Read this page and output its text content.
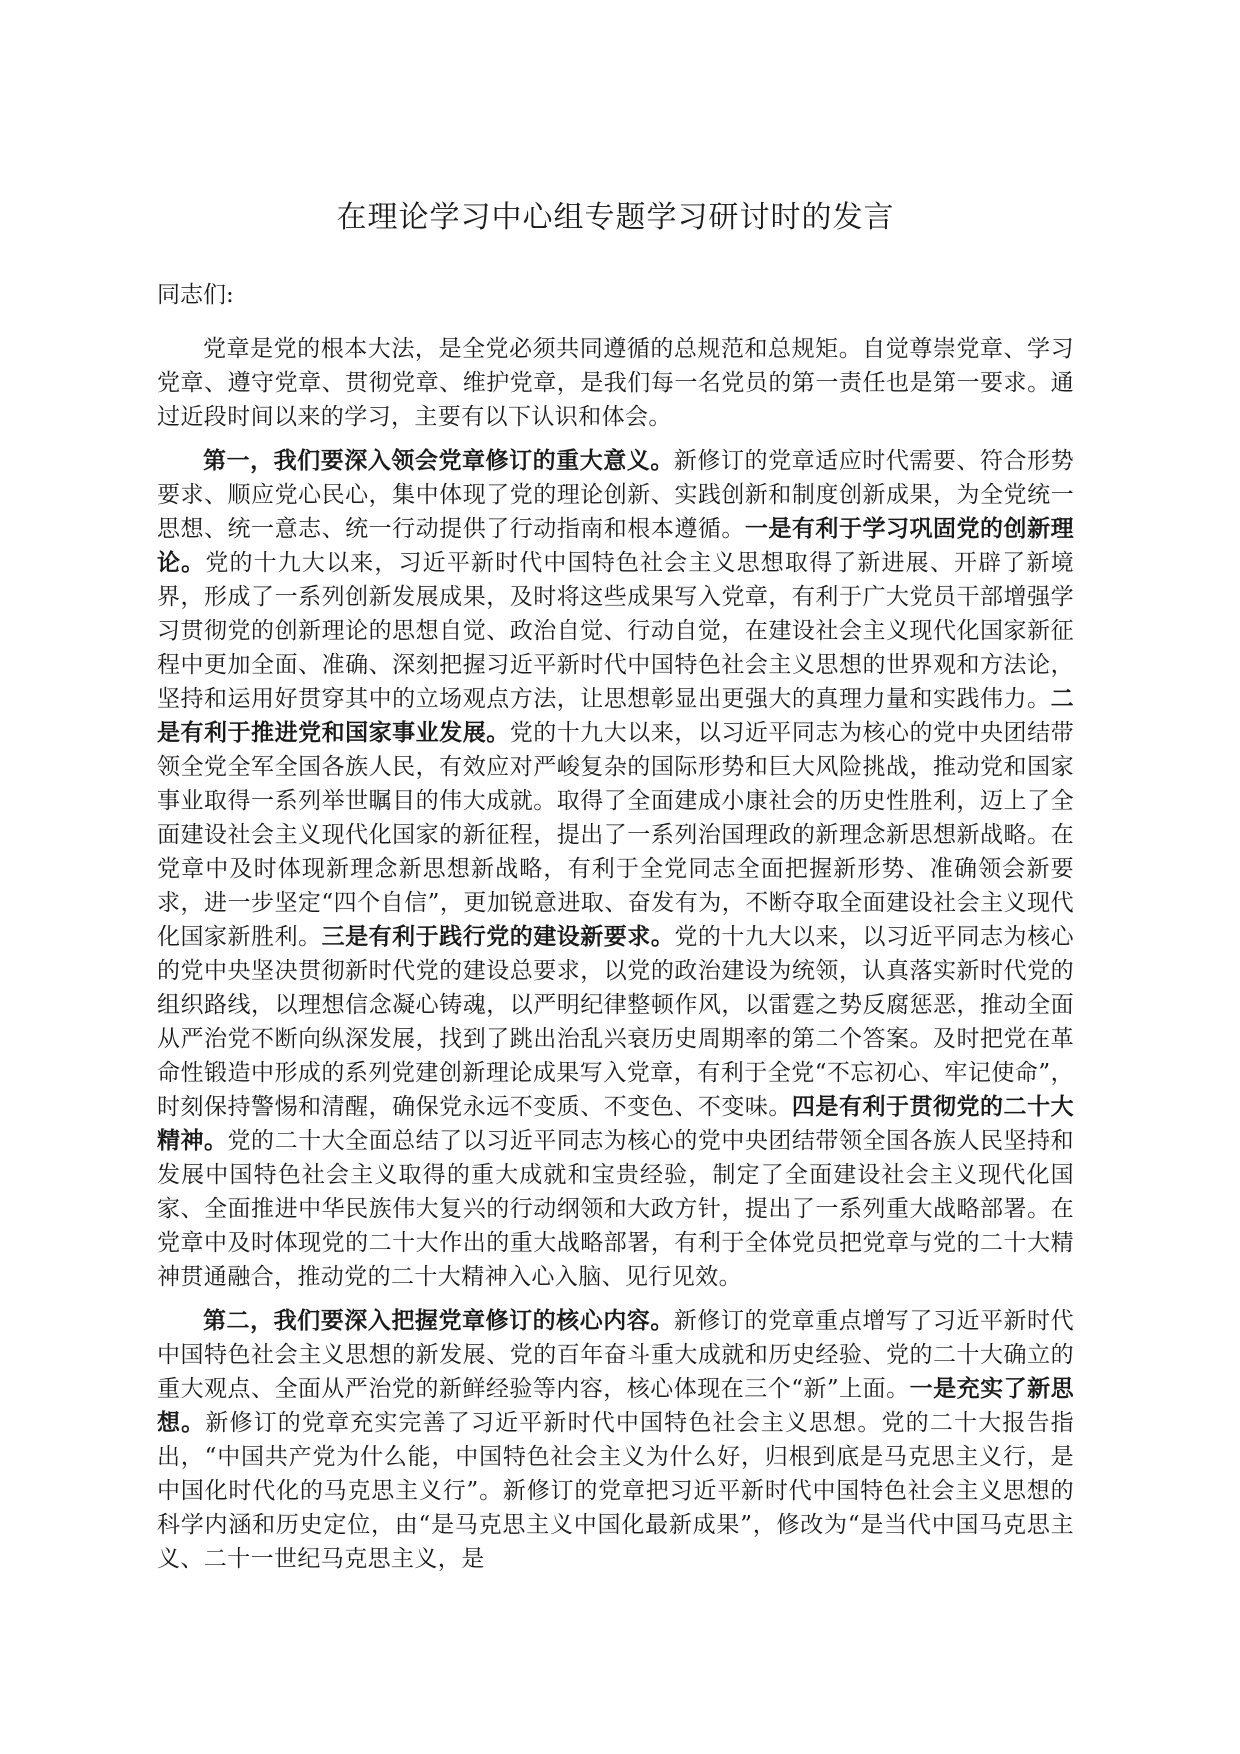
在理论学习中心组专题学习研讨时的发言

同志们:

党章是党的根本大法，是全党必须共同遵循的总规范和总规矩。自觉尊崇党章、学习党章、遵守党章、贯彻党章、维护党章，是我们每一名党员的第一责任也是第一要求。通过近段时间以来的学习，主要有以下认识和体会。

第一，我们要深入领会党章修订的重大意义。新修订的党章适应时代需要、符合形势要求、顺应党心民心，集中体现了党的理论创新、实践创新和制度创新成果，为全党统一思想、统一意志、统一行动提供了行动指南和根本遵循。一是有利于学习巩固党的创新理论。党的十九大以来，习近平新时代中国特色社会主义思想取得了新进展、开辟了新境界，形成了一系列创新发展成果，及时将这些成果写入党章，有利于广大党员干部增强学习贯彻党的创新理论的思想自觉、政治自觉、行动自觉，在建设社会主义现代化国家新征程中更加全面、准确、深刻把握习近平新时代中国特色社会主义思想的世界观和方法论，坚持和运用好贯穿其中的立场观点方法，让思想彰显出更强大的真理力量和实践伟力。二是有利于推进党和国家事业发展。党的十九大以来，以习近平同志为核心的党中央团结带领全党全军全国各族人民，有效应对严峻复杂的国际形势和巨大风险挑战，推动党和国家事业取得一系列举世瞩目的伟大成就。取得了全面建成小康社会的历史性胜利，迈上了全面建设社会主义现代化国家的新征程，提出了一系列治国理政的新理念新思想新战略。在党章中及时体现新理念新思想新战略，有利于全党同志全面把握新形势、准确领会新要求，进一步坚定“四个自信”，更加锐意进取、奋发有为，不断夺取全面建设社会主义现代化国家新胜利。三是有利于践行党的建设新要求。党的十九大以来，以习近平同志为核心的党中央坚决贯彻新时代党的建设总要求，以党的政治建设为统领，认真落实新时代党的组织路线，以理想信念凝心铸魂，以严明纪律整顿作风，以雷霆之势反腐惩恶，推动全面从严治党不断向纵深发展，找到了跳出治乱兴衰历史周期率的第二个答案。及时把党在革命性锻造中形成的系列党建创新理论成果写入党章，有利于全党“不忘初心、牢记使命”，时刻保持警惕和清醒，确保党永远不变质、不变色、不变味。四是有利于贯彻党的二十大精神。党的二十大全面总结了以习近平同志为核心的党中央团结带领全国各族人民坚持和发展中国特色社会主义取得的重大成就和宝贵经验，制定了全面建设社会主义现代化国家、全面推进中华民族伟大复兴的行动纲领和大政方针，提出了一系列重大战略部署。在党章中及时体现党的二十大作出的重大战略部署，有利于全体党员把党章与党的二十大精神贯通融合，推动党的二十大精神入心入脑、见行见效。

第二，我们要深入把握党章修订的核心内容。新修订的党章重点增写了习近平新时代中国特色社会主义思想的新发展、党的百年奋斗重大成就和历史经验、党的二十大确立的重大观点、全面从严治党的新鲜经验等内容，核心体现在三个“新”上面。一是充实了新思想。新修订的党章充实完善了习近平新时代中国特色社会主义思想。党的二十大报告指出，“中国共产党为什么能，中国特色社会主义为什么好，归根到底是马克思主义行，是中国化时代化的马克思主义行”。新修订的党章把习近平新时代中国特色社会主义思想的科学内涵和历史定位，由“是马克思主义中国化最新成果”，修改为“是当代中国马克思主义、二十一世纪马克思主义，是
